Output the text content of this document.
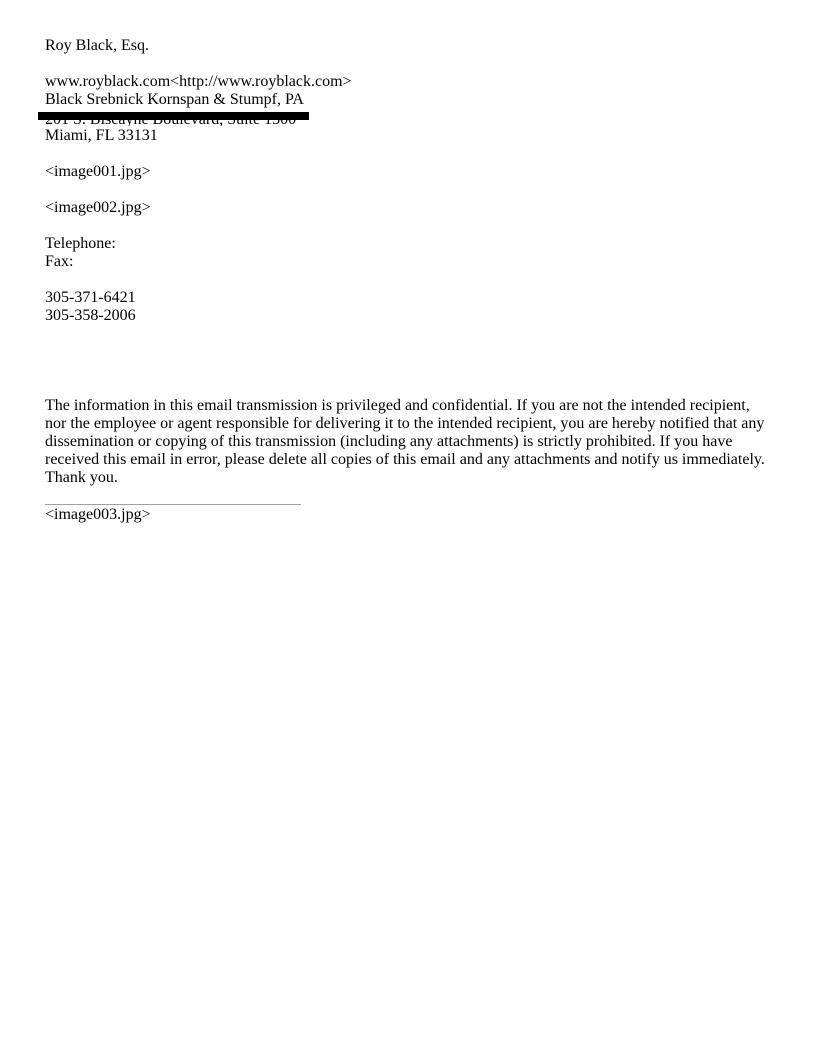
Roy Black, Esq.
www.royblack.com<http://www.royblack.com>
Black Srebnick Kornspan & Stumpf, PA
Miami, FL 33131
<image001.jpg>
<image002.jpg>
Telephone:
Fax:
305-371-6421
305-358-2006

The information in this email transmission is privileged and confidential. If you are not the intended recipient, nor the employee or agent responsible for delivering it to the intended recipient, you are hereby notified that any dissemination or copying of this transmission (including any attachments) is strictly prohibited. If you have received this email in error, please delete all copies of this email and any attachments and notify us immediately. Thank you.

<image003.jpg>
